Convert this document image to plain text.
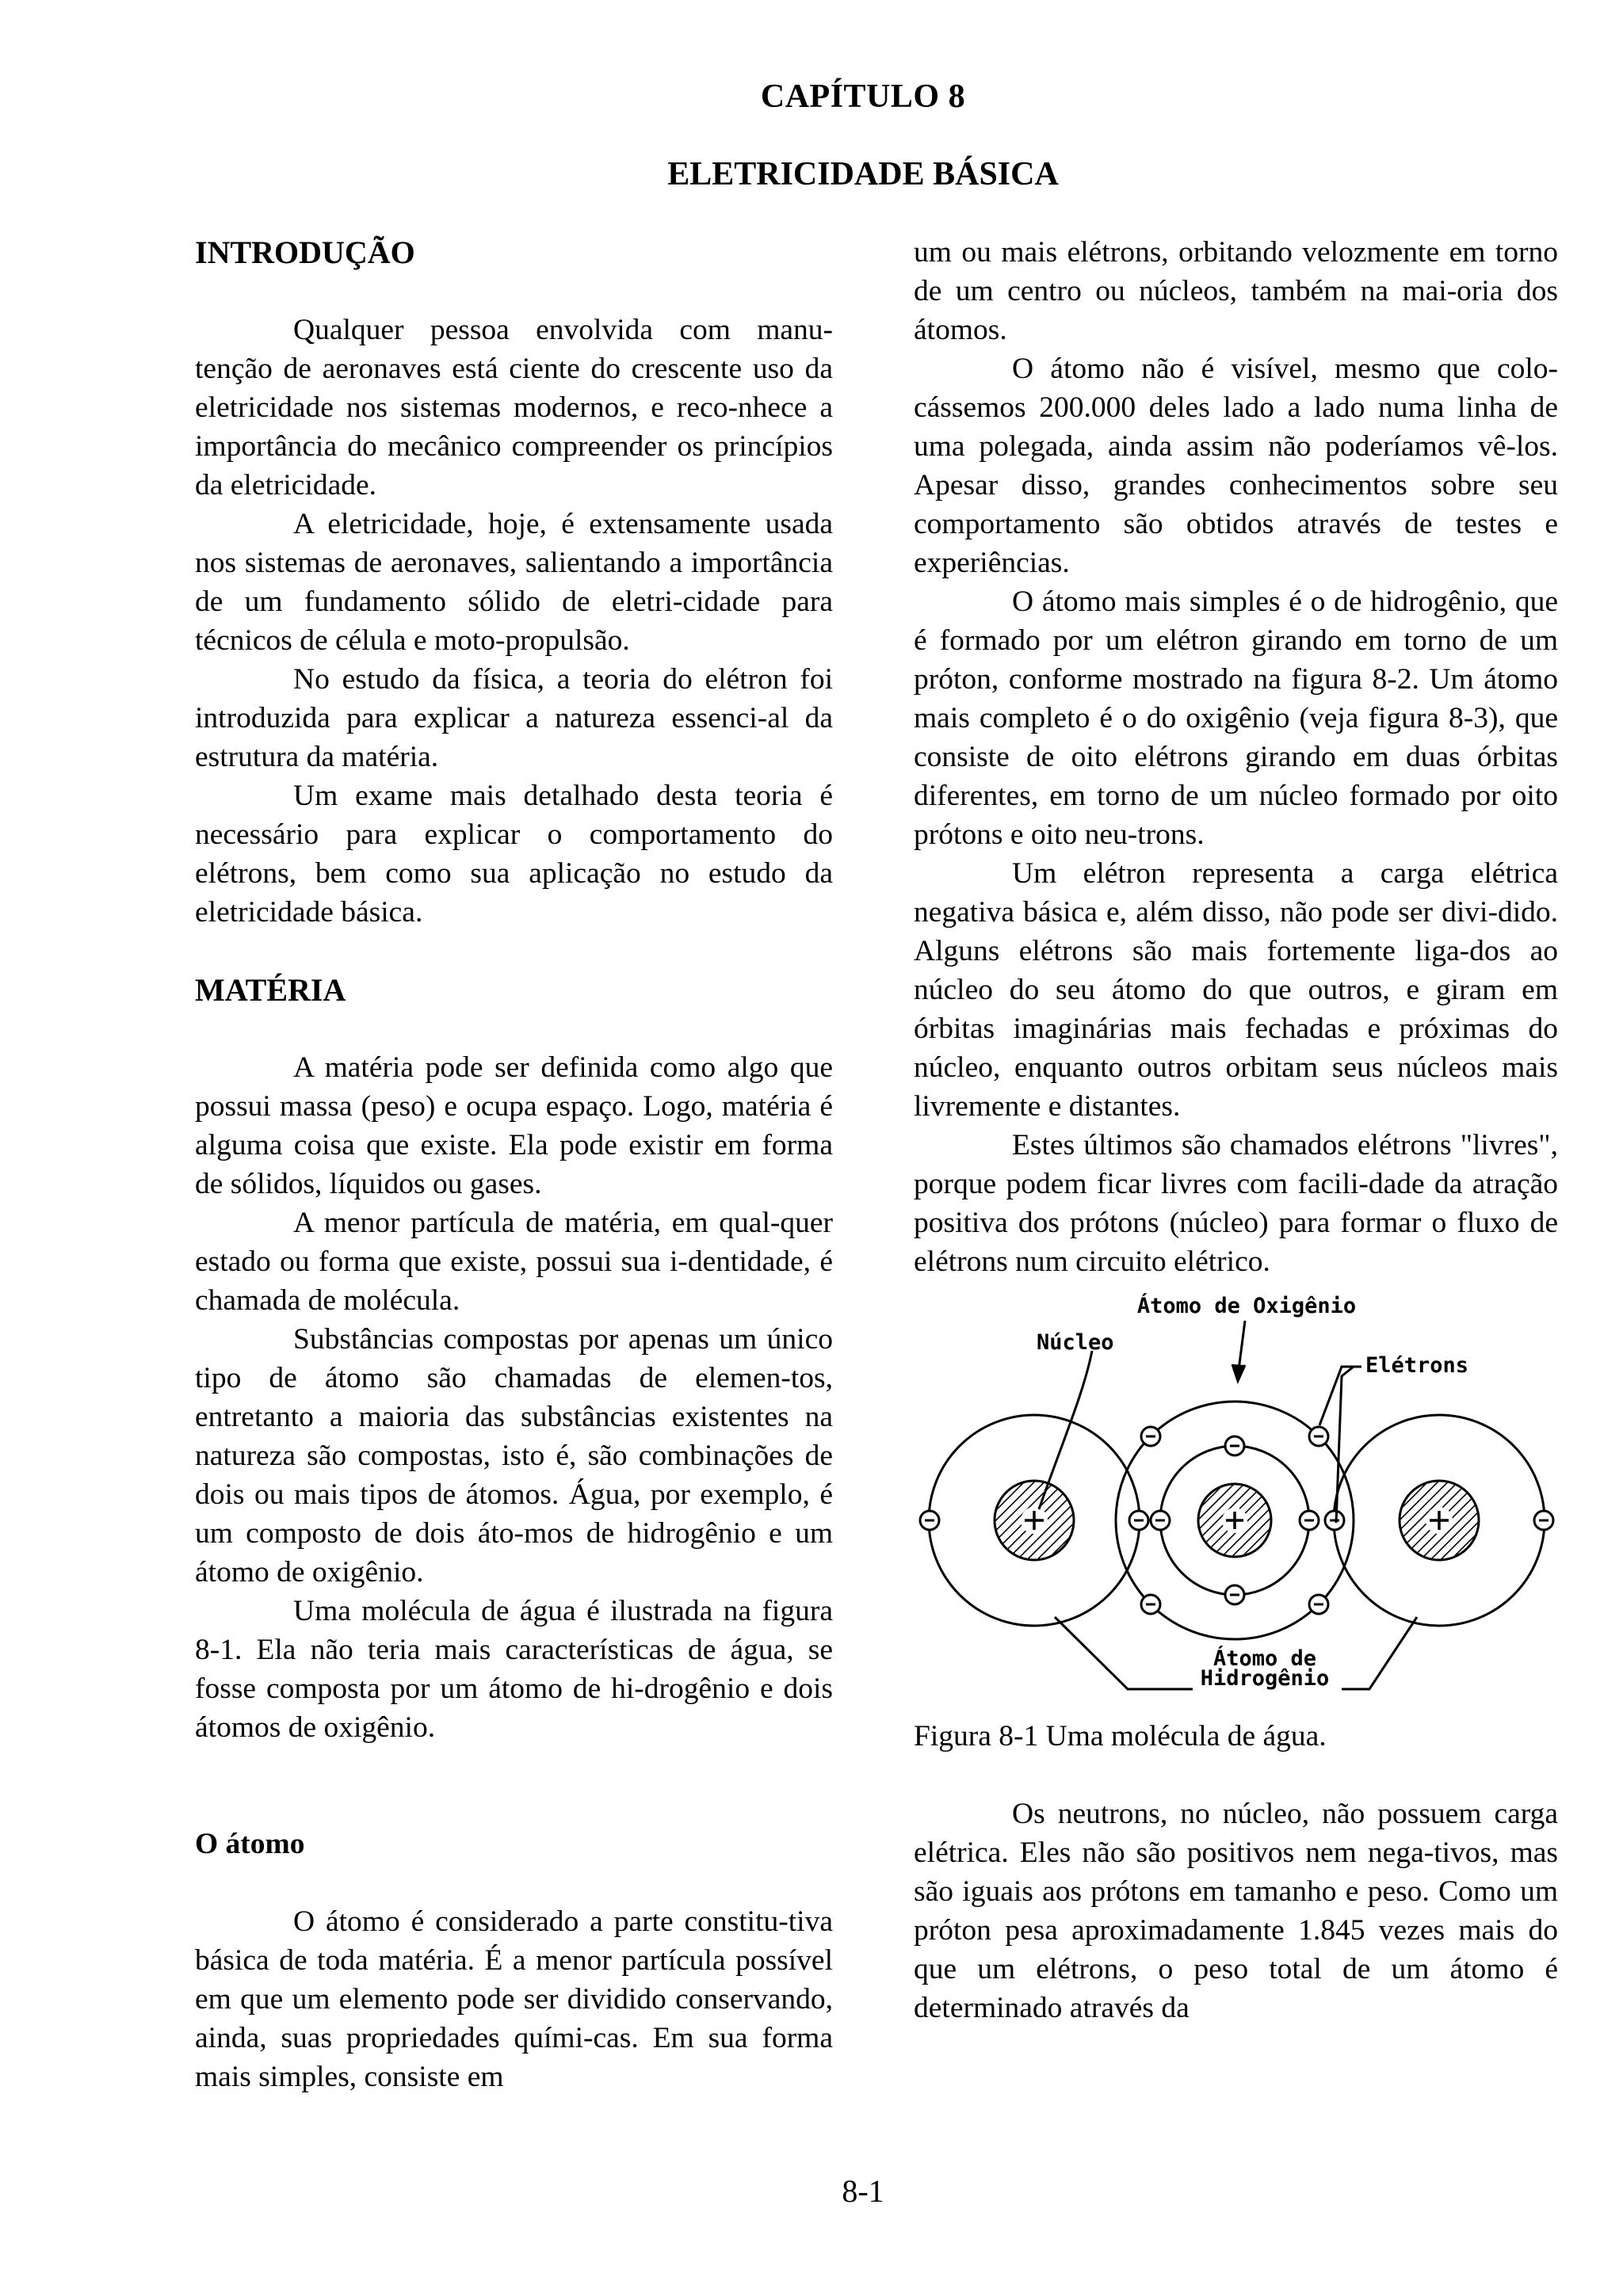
CAPÍTULO 8
ELETRICIDADE BÁSICA
INTRODUÇÃO

Qualquer pessoa envolvida com manu-tenção de aeronaves está ciente do crescente uso da eletricidade nos sistemas modernos, e reco-nhece a importância do mecânico compreender os princípios da eletricidade.

A eletricidade, hoje, é extensamente usada nos sistemas de aeronaves, salientando a importância de um fundamento sólido de eletri-cidade para técnicos de célula e moto-propulsão.

No estudo da física, a teoria do elétron foi introduzida para explicar a natureza essenci-al da estrutura da matéria.

Um exame mais detalhado desta teoria é necessário para explicar o comportamento do elétrons, bem como sua aplicação no estudo da eletricidade básica.

MATÉRIA

A matéria pode ser definida como algo que possui massa (peso) e ocupa espaço. Logo, matéria é alguma coisa que existe. Ela pode existir em forma de sólidos, líquidos ou gases.

A menor partícula de matéria, em qual-quer estado ou forma que existe, possui sua i-dentidade, é chamada de molécula.

Substâncias compostas por apenas um único tipo de átomo são chamadas de elemen-tos, entretanto a maioria das substâncias existentes na natureza são compostas, isto é, são combinações de dois ou mais tipos de átomos. Água, por exemplo, é um composto de dois áto-mos de hidrogênio e um átomo de oxigênio.

Uma molécula de água é ilustrada na figura 8-1. Ela não teria mais características de água, se fosse composta por um átomo de hi-drogênio e dois átomos de oxigênio.

O átomo

O átomo é considerado a parte constitu-tiva básica de toda matéria. É a menor partícula possível em que um elemento pode ser dividido conservando, ainda, suas propriedades quími-cas. Em sua forma mais simples, consiste em

um ou mais elétrons, orbitando velozmente em torno de um centro ou núcleos, também na mai-oria dos átomos.

O átomo não é visível, mesmo que colo-cássemos 200.000 deles lado a lado numa linha de uma polegada, ainda assim não poderíamos vê-los. Apesar disso, grandes conhecimentos sobre seu comportamento são obtidos através de testes e experiências.

O átomo mais simples é o de hidrogênio, que é formado por um elétron girando em torno de um próton, conforme mostrado na figura 8-2. Um átomo mais completo é o do oxigênio (veja figura 8-3), que consiste de oito elétrons girando em duas órbitas diferentes, em torno de um núcleo formado por oito prótons e oito neu-trons.

Um elétron representa a carga elétrica negativa básica e, além disso, não pode ser divi-dido. Alguns elétrons são mais fortemente liga-dos ao núcleo do seu átomo do que outros, e giram em órbitas imaginárias mais fechadas e próximas do núcleo, enquanto outros orbitam seus núcleos mais livremente e distantes.

Estes últimos são chamados elétrons "livres", porque podem ficar livres com facili-dade da atração positiva dos prótons (núcleo) para formar o fluxo de elétrons num circuito elétrico.

Átomo de Oxigênio
Núcleo
Elétrons
Átomo de
Hidrogênio
Figura 8-1 Uma molécula de água.

Os neutrons, no núcleo, não possuem carga elétrica. Eles não são positivos nem nega-tivos, mas são iguais aos prótons em tamanho e peso. Como um próton pesa aproximadamente 1.845 vezes mais do que um elétrons, o peso total de um átomo é determinado através da

8-1
